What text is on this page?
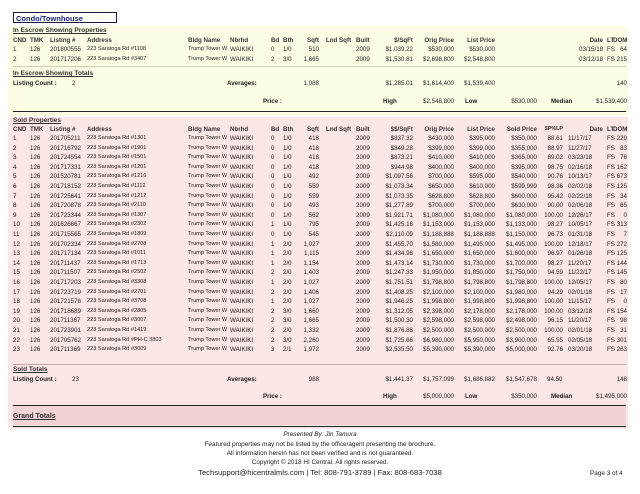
Condo/Townhouse
In Escrow Showing Properties
CND TMK Listing # Address	Bldg Name Nbrhd	Bd Bth	Sqft Lnd Sqft Built	$/SqFt	Orig Price	List Price	Date LT
DOM
1 126 201800555 223 Saratoga Rd #1108	Trump Tower W WAIKIKI	0 1/0	510	2009	$1,039.22	$530,000	$530,000	03/15/18 FS 64
2 126 201717206 223 Saratoga Rd #3407	Trump Tower W WAIKIKI	2 3/0	1,665	2009	$1,530.81	$2,698,800	$2,548,800	03/12/18 FS 215
In Escrow Showing Totals
Listing Count : 2	Averages:	1,088	$1,285.01	$1,614,400	$1,539,400	140
Price :	High	$2,548,800 Low	$530,000 Median	$1,539,400
Sold Properties
CND TMK Listing # Address	Bldg Name Nbrhd	Bd Bth	Sqft Lnd Sqft Built	$$/SqFt	Orig Price	List Price	Sold Price	$P%LP	Date LT
DOM
1 126 201705211 223 Saratoga Rd #1301	Trump Tower W WAIKIKI	0 1/0	418	2009	$837.32	$430,000	$395,000	$350,000	88.61 11/17/17 FS 229
2 126 201716792 223 Saratoga Rd #1901	Trump Tower W WAIKIKI	0 1/0	418	2009	$849.28	$399,000	$399,000	$355,000	88.97 11/27/17 FS 83
3 126 201724554 223 Saratoga Rd #1501	Trump Tower W WAIKIKI	0 1/0	418	2009	$873.21	$410,000	$410,000	$365,000	89.02 03/23/18 FS 76
4 126 201717331 223 Saratoga Rd #1201	Trump Tower W WAIKIKI	0 1/0	418	2009	$944.98	$400,000	$400,000	$395,000	98.75 02/16/18 FS 162
5 126 201520781 223 Saratoga Rd #1216	Trump Tower W WAIKIKI	0 1/0	492	2009	$1,097.56	$700,000	$595,000	$540,000	90.76 10/13/17 FS 673
6 126 201718152 223 Saratoga Rd #1112	Trump Tower W WAIKIKI	0 1/0	559	2009	$1,073.34	$650,000	$610,000	$599,999	98.36 02/02/18 FS 125
7 126 201725641 223 Saratoga Rd #1212	Trump Tower W WAIKIKI	0 1/0	559	2009	$1,073.35	$628,800	$628,800	$600,000	95.42 02/22/18 FS 34
8 126 201720878 223 Saratoga Rd #2110	Trump Tower W WAIKIKI	0 1/0	493	2009	$1,277.89	$700,000	$700,000	$630,000	90.00 02/06/18 FS 65
9 126 201723344 223 Saratoga Rd #1307	Trump Tower W WAIKIKI	0 1/0	562	2009	$1,921.71	$1,080,000	$1,080,000	$1,080,000	100.00 12/26/17 FS	0
10 126 201626667 223 Saratoga Rd #2302	Trump Tower W WAIKIKI	1 1/0	795	2009	$1,425.16	$1,153,000	$1,153,000	$1,133,000	98.27 10/05/17 FS 313
11 126 201715565 223 Saratoga Rd #1809	Trump Tower W WAIKIKI	0 1/0	545	2009	$2,110.09	$1,188,888	$1,188,888	$1,150,000	96.73 01/31/18 FS	7
12 126 201702334 223 Saratoga Rd #2708	Trump Tower W WAIKIKI	1 2/0	1,027	2009	$1,455.70	$1,580,000	$1,495,000	$1,495,000	100.00 12/18/17 FS 272
13 126 201717134 223 Saratoga Rd #1011	Trump Tower W WAIKIKI	1 2/0	1,115	2009	$1,434.98	$1,650,000	$1,650,000	$1,600,000	96.97 01/26/18 FS 125
14 126 201711437 223 Saratoga Rd #1713	Trump Tower W WAIKIKI	1 2/0	1,154	2009	$1,473.14	$1,730,000	$1,730,000	$1,700,000	98.27 11/20/17 FS 144
15 126 201711507 223 Saratoga Rd #2502	Trump Tower W WAIKIKI	2 2/0	1,403	2009	$1,247.33	$1,950,000	$1,850,000	$1,750,000	94.59 11/22/17 FS 145
16 126 201717203 223 Saratoga Rd #3308	Trump Tower W WAIKIKI	1 2/0	1,027	2009	$1,751.51	$1,798,800	$1,798,800	$1,798,800	100.00 12/05/17 FS 80
17 126 201723719 223 Saratoga Rd #2701	Trump Tower W WAIKIKI	2 2/0	1,406	2009	$1,408.25	$2,100,000	$2,100,000	$1,980,000	94.29 02/01/18 FS 17
18 126 201721576 223 Saratoga Rd #3708	Trump Tower W WAIKIKI	1 2/0	1,027	2009	$1,946.25	$1,998,800	$1,998,800	$1,998,800	100.00 11/15/17 FS	0
19 126 201718689 223 Saratoga Rd #2805	Trump Tower W WAIKIKI	2 3/0	1,660	2009	$1,312.05	$2,398,000	$2,178,000	$2,178,000	100.00 03/12/18 FS 154
20 126 201711367 223 Saratoga Rd #3007	Trump Tower W WAIKIKI	2 3/0	1,665	2009	$1,500.30	$2,598,000	$2,598,000	$2,498,000	96.15 11/20/17 FS 98
21 126 201723901 223 Saratoga Rd #1419	Trump Tower W WAIKIKI	2 2/0	1,332	2009	$1,876.88	$2,500,000	$2,500,000	$2,500,000	100.00 02/01/18 FS 31
22 126 201705762 223 Saratoga Rd #PH-C 3803	Trump Tower W WAIKIKI	2 3/0	2,260	2009	$1,725.66	$6,980,000	$5,950,000	$3,900,000	65.55 02/05/18 FS 301
23 126 201711369 223 Saratoga Rd #3009	Trump Tower W WAIKIKI	3 2/1	1,972	2009	$2,535.50	$5,390,000	$5,390,000	$5,000,000	92.76 03/20/18 FS 263
Sold Totals
Listing Count : 23	Averages:	988	$1,441.37	$1,757,099	$1,686,882	$1,547,678 94.50	148
Price :	High	$5,000,000 Low	$350,000 Median	$1,495,000
Grand Totals
Presented By: Jin Tamura
Featured properties may not be listed by the office/agent presenting the brochure.
All information herein has not been verified and is not guaranteed.
Copyright © 2018 HI Central. All rights reserved.
Techsupport@hicentralmls.com | Tel: 808-791-3789 | Fax: 808-683-7038	Page 3 of 4
